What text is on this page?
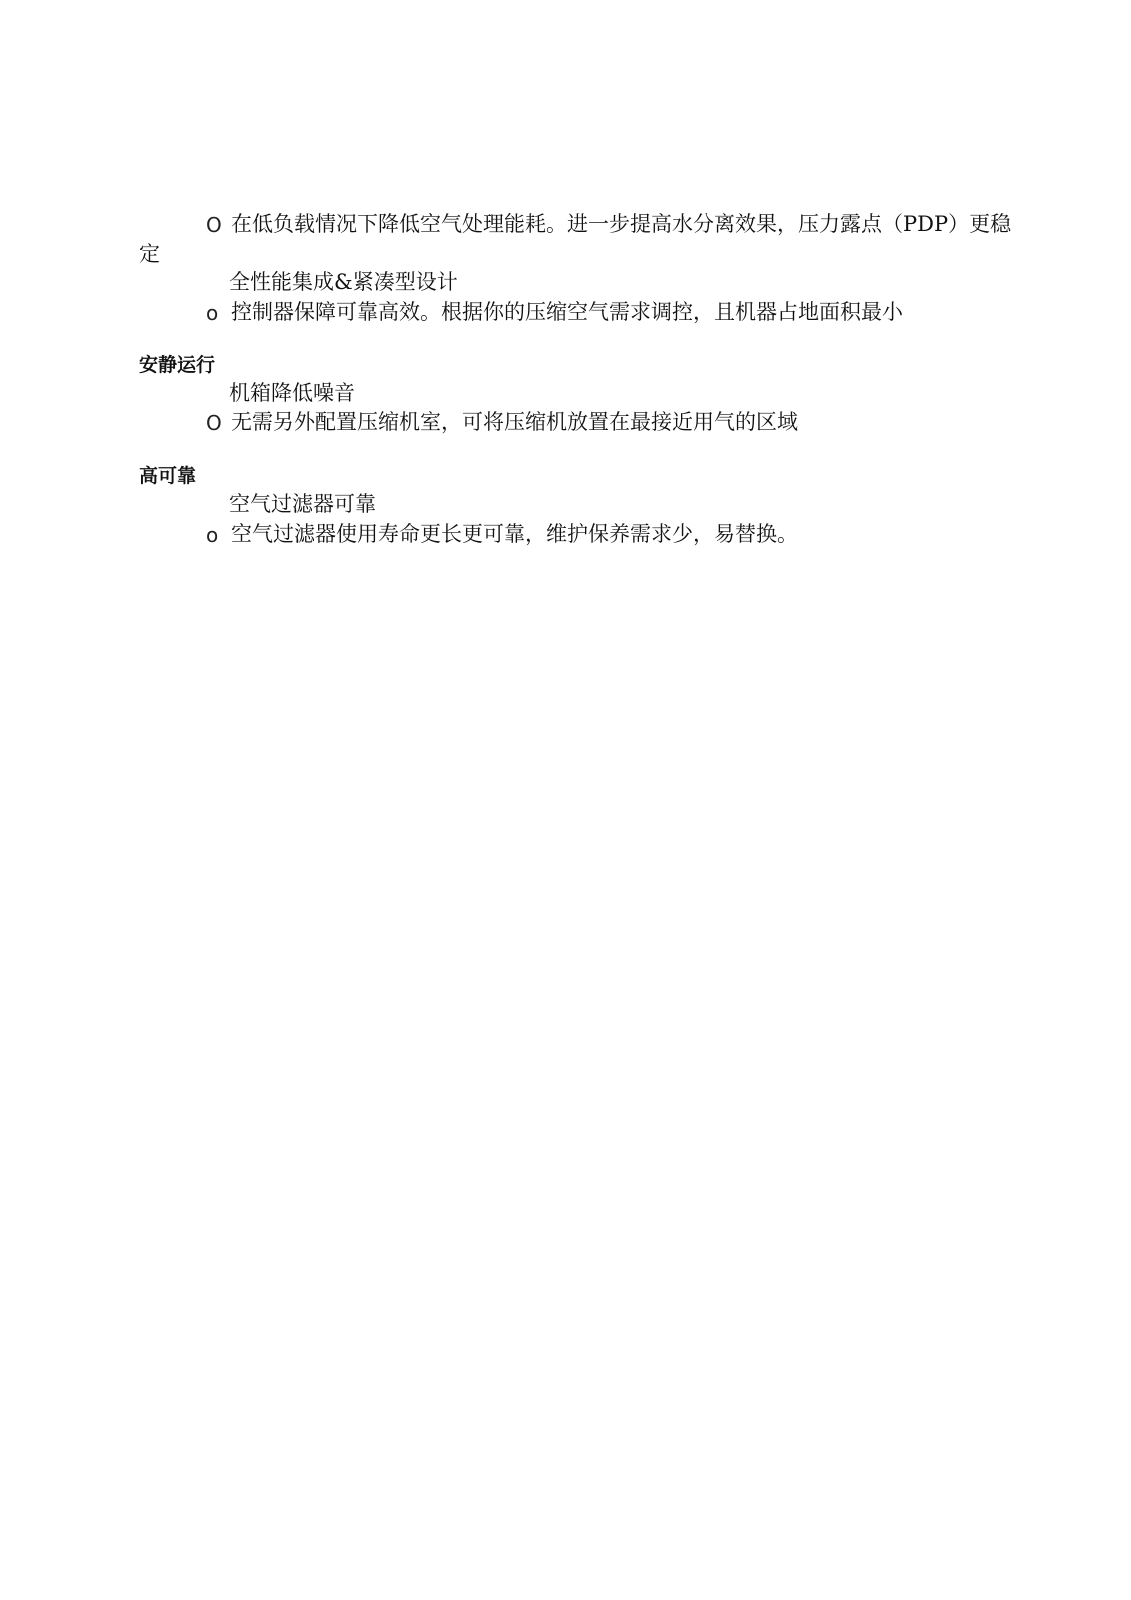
O 在低负载情况下降低空气处理能耗。进一步提高水分离效果，压力露点（PDP）更稳
定
全性能集成&紧凑型设计
o 控制器保障可靠高效。根据你的压缩空气需求调控，且机器占地面积最小
安静运行
机箱降低噪音
O 无需另外配置压缩机室，可将压缩机放置在最接近用气的区域
高可靠
空气过滤器可靠
o 空气过滤器使用寿命更长更可靠，维护保养需求少，易替换。
